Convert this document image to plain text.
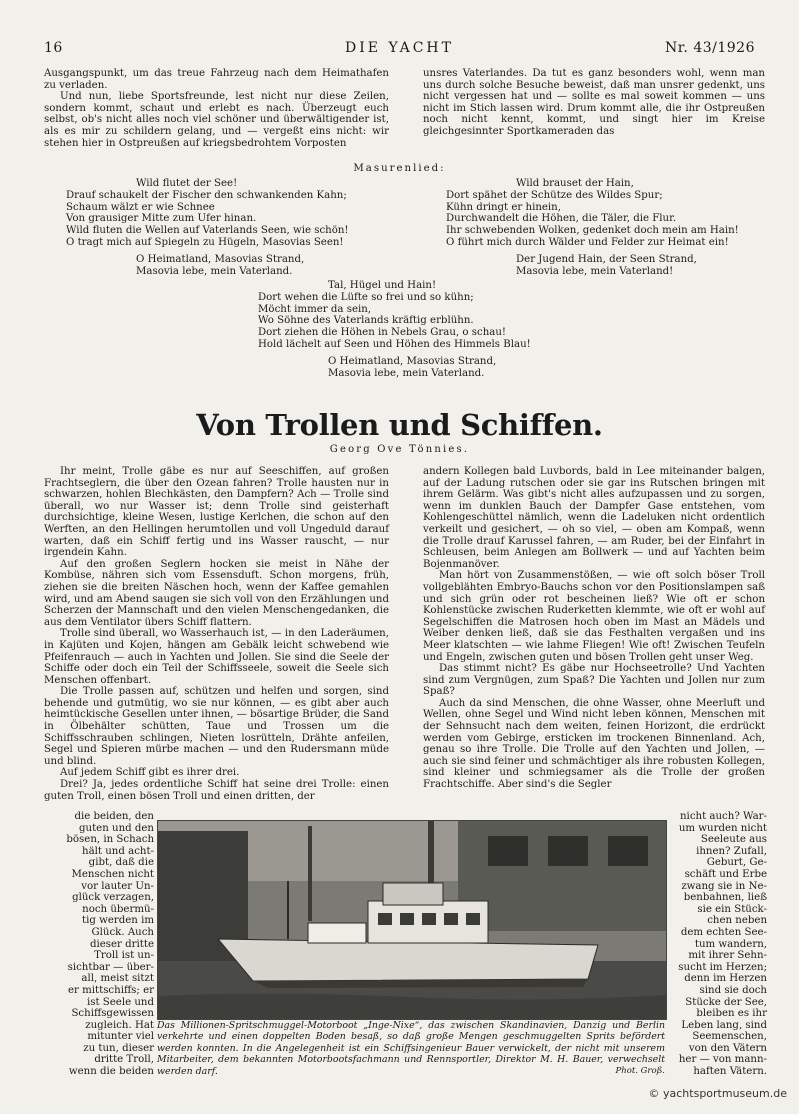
16	DIE YACHT	Nr. 43/1926

Ausgangspunkt, um das treue Fahrzeug nach dem Heimathafen zu verladen.

Und nun, liebe Sportsfreunde, lest nicht nur diese Zeilen, sondern kommt, schaut und erlebt es nach. Überzeugt euch selbst, ob's nicht alles noch viel schöner und überwältigender ist, als es mir zu schildern gelang, und — vergeßt eins nicht: wir stehen hier in Ostpreußen auf kriegsbedrohtem Vorposten

unsres Vaterlandes. Da tut es ganz besonders wohl, wenn man uns durch solche Besuche beweist, daß man unsrer gedenkt, uns nicht vergessen hat und — sollte es mal soweit kommen — uns nicht im Stich lassen wird. Drum kommt alle, die ihr Ostpreußen noch nicht kennt, kommt, und singt hier im Kreise gleichgesinnter Sportkameraden das

Masurenlied:
Wild flutet der See!
Drauf schaukelt der Fischer den schwankenden Kahn;
Schaum wälzt er wie Schnee
Von grausiger Mitte zum Ufer hinan.
Wild fluten die Wellen auf Vaterlands Seen, wie schön!
O tragt mich auf Spiegeln zu Hügeln, Masovias Seen!
O Heimatland, Masovias Strand,
Masovia lebe, mein Vaterland.
Wild brauset der Hain,
Dort spähet der Schütze des Wildes Spur;
Kühn dringt er hinein,
Durchwandelt die Höhen, die Täler, die Flur.
Ihr schwebenden Wolken, gedenket doch mein am Hain!
O führt mich durch Wälder und Felder zur Heimat ein!
Der Jugend Hain, der Seen Strand,
Masovia lebe, mein Vaterland!
Tal, Hügel und Hain!
Dort wehen die Lüfte so frei und so kühn;
Möcht immer da sein,
Wo Söhne des Vaterlands kräftig erblühn.
Dort ziehen die Höhen in Nebels Grau, o schau!
Hold lächelt auf Seen und Höhen des Himmels Blau!
O Heimatland, Masovias Strand,
Masovia lebe, mein Vaterland.
Von Trollen und Schiffen.
Georg Ove Tönnies.

Ihr meint, Trolle gäbe es nur auf Seeschiffen, auf großen Frachtseglern, die über den Ozean fahren? Trolle hausten nur in schwarzen, hohlen Blechkästen, den Dampfern? Ach — Trolle sind überall, wo nur Wasser ist; denn Trolle sind geisterhaft durchsichtige, kleine Wesen, lustige Kerlchen, die schon auf den Werften, an den Hellingen herumtollen und voll Ungeduld darauf warten, daß ein Schiff fertig und ins Wasser rauscht, — nur irgendein Kahn.

Auf den großen Seglern hocken sie meist in Nähe der Kombüse, nähren sich vom Essensduft. Schon morgens, früh, ziehen sie die breiten Näschen hoch, wenn der Kaffee gemahlen wird, und am Abend saugen sie sich voll von den Erzählungen und Scherzen der Mannschaft und den vielen Menschengedanken, die aus dem Ventilator übers Schiff flattern.

Trolle sind überall, wo Wasserhauch ist, — in den Laderäumen, in Kajüten und Kojen, hängen am Gebälk leicht schwebend wie Pfeifenrauch — auch in Yachten und Jollen. Sie sind die Seele der Schiffe oder doch ein Teil der Schiffsseele, soweit die Seele sich Menschen offenbart.

Die Trolle passen auf, schützen und helfen und sorgen, sind behende und gutmütig, wo sie nur können, — es gibt aber auch heimtückische Gesellen unter ihnen, — bösartige Brüder, die Sand in Ölbehälter schütten, Taue und Trossen um die Schiffsschrauben schlingen, Nieten losrütteln, Drähte anfeilen, Segel und Spieren mürbe machen — und den Rudersmann müde und blind.

Auf jedem Schiff gibt es ihrer drei.

Drei? Ja, jedes ordentliche Schiff hat seine drei Trolle: einen guten Troll, einen bösen Troll und einen dritten, der

andern Kollegen bald Luvbords, bald in Lee miteinander balgen, auf der Ladung rutschen oder sie gar ins Rutschen bringen mit ihrem Gelärm. Was gibt's nicht alles aufzupassen und zu sorgen, wenn im dunklen Bauch der Dampfer Gase entstehen, vom Kohlengeschüttel nämlich, wenn die Ladeluken nicht ordentlich verkeilt und gesichert, — oh so viel, — oben am Kompaß, wenn die Trolle drauf Karussel fahren, — am Ruder, bei der Einfahrt in Schleusen, beim Anlegen am Bollwerk — und auf Yachten beim Bojenmanöver.

Man hört von Zusammenstößen, — wie oft solch böser Troll vollgeblähten Embryo-Bauchs schon vor den Positionslampen saß und sich grün oder rot bescheinen ließ? Wie oft er schon Kohlenstücke zwischen Ruderketten klemmte, wie oft er wohl auf Segelschiffen die Matrosen hoch oben im Mast an Mädels und Weiber denken ließ, daß sie das Festhalten vergaßen und ins Meer klatschten — wie lahme Fliegen! Wie oft! Zwischen Teufeln und Engeln, zwischen guten und bösen Trollen geht unser Weg.

Das stimmt nicht? Es gäbe nur Hochseetrolle? Und Yachten sind zum Vergnügen, zum Spaß? Die Yachten und Jollen nur zum Spaß?

Auch da sind Menschen, die ohne Wasser, ohne Meerluft und Wellen, ohne Segel und Wind nicht leben können, Menschen mit der Sehnsucht nach dem weiten, feinen Horizont, die erdrückt werden vom Gebirge, ersticken im trockenen Binnenland. Ach, genau so ihre Trolle. Die Trolle auf den Yachten und Jollen, — auch sie sind feiner und schmächtiger als ihre robusten Kollegen, sind kleiner und schmiegsamer als die Trolle der großen Frachtschiffe. Aber sind's die Segler

die beiden, den
guten und den
bösen, in Schach
hält und acht-
gibt, daß die
Menschen nicht
vor lauter Un-
glück verzagen,
noch übermü-
tig werden im
Glück. Auch
dieser dritte
Troll ist un-
sichtbar — über-
all, meist sitzt
er mittschiffs; er
ist Seele und
Schiffsgewissen
zugleich. Hat
mitunter viel
zu tun, dieser
dritte Troll,
wenn die beiden
nicht auch? War-
um wurden nicht
Seeleute aus
ihnen? Zufall,
Geburt, Ge-
schäft und Erbe
zwang sie in Ne-
benbahnen, ließ
sie ein Stück-
chen neben
dem echten See-
tum wandern,
mit ihrer Sehn-
sucht im Herzen;
denn im Herzen
sind sie doch
Stücke der See,
bleiben es ihr
Leben lang, sind
Seemenschen,
von den Vätern
her — von mann-
haften Vätern.
Das Millionen-Spritschmuggel-Motorboot „Inge-Nixe“, das zwischen Skandinavien, Danzig und Berlin verkehrte und einen doppelten Boden besaß, so daß große Mengen geschmuggelten Sprits befördert werden konnten. In die Angelegenheit ist ein Schiffsingenieur Bauer verwickelt, der nicht mit unserem Mitarbeiter, dem bekannten Motorbootsfachmann und Rennsportler, Direktor M. H. Bauer, verwechselt werden darf.	Phot. Groß.
© yachtsportmuseum.de
